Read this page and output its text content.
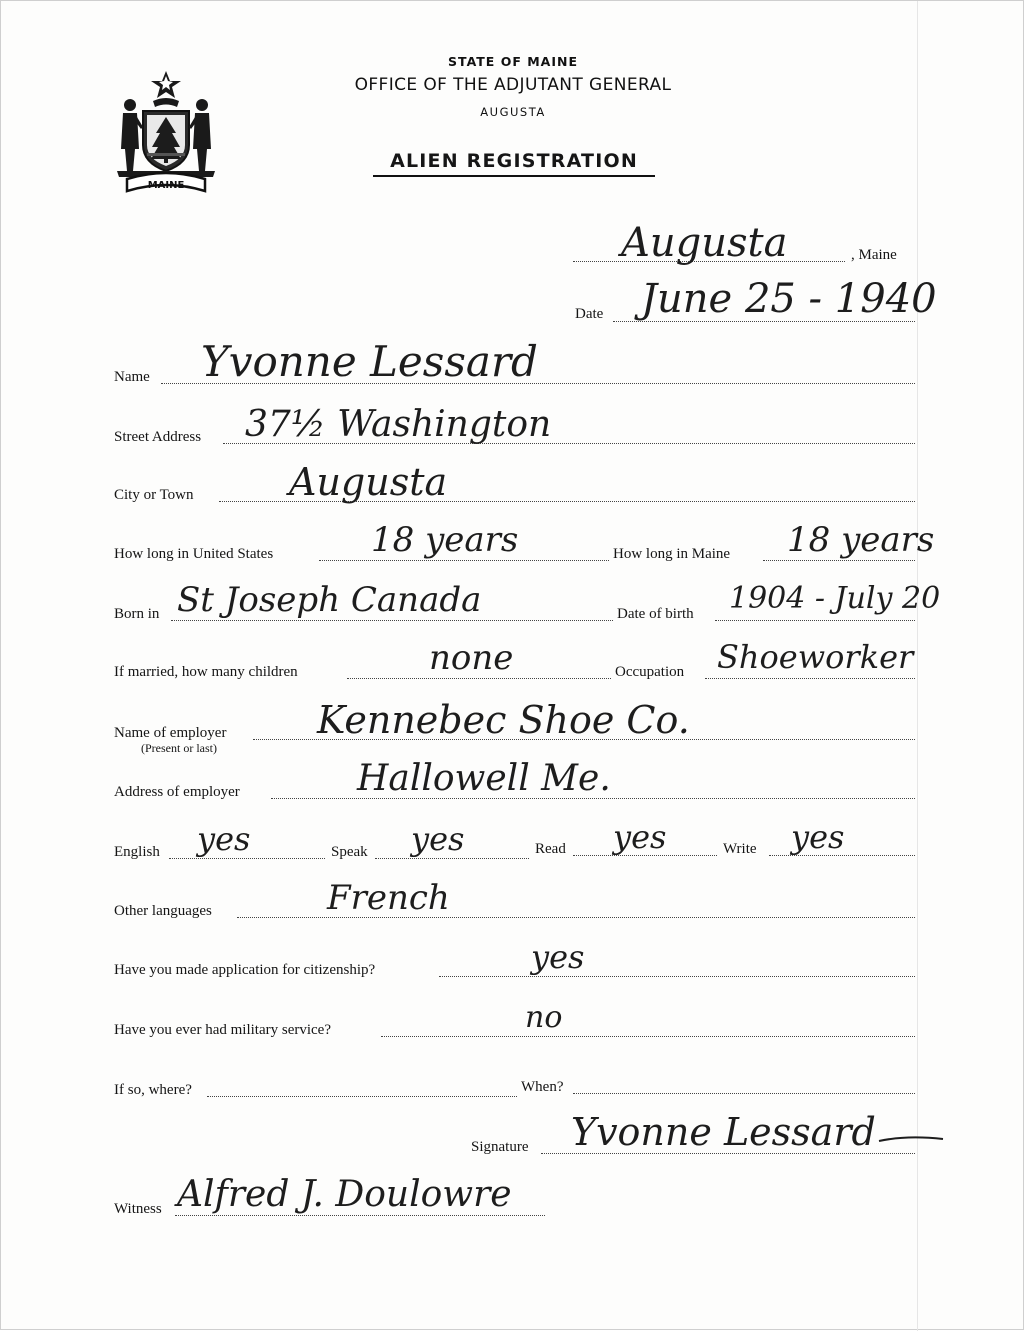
MAINE
STATE OF MAINE
OFFICE OF THE ADJUTANT GENERAL
AUGUSTA
ALIEN REGISTRATION
Augusta	, Maine
Date June 25 - 1940
Name Yvonne Lessard
Street Address 37½ Washington
City or Town	Augusta
How long in United States	18 years	How long in Maine 18 years
Born in St Joseph Canada	Date of birth 1904 - July 20
If married, how many children	none	Occupation Shoeworker
Name of employer
(Present or last)
Kennebec Shoe Co.
Address of employer	Hallowell Me.
English yes	Speak yes	Read yes	Write yes
Other languages	French
Have you made application for citizenship?	yes
Have you ever had military service?	no
If so, where?	When?
Signature Yvonne Lessard
Witness Alfred J. Doulowre
